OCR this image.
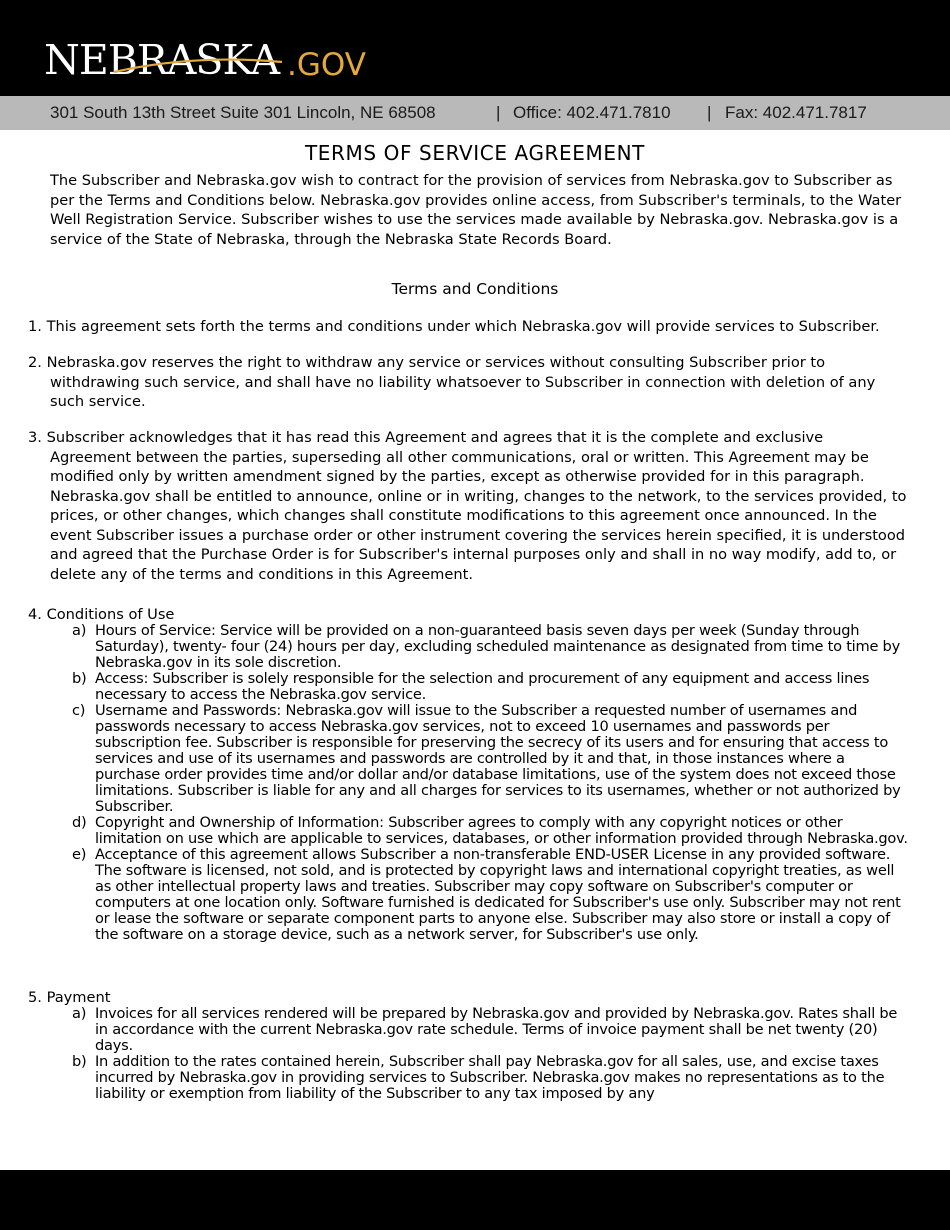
NEBRASKA .GOV
301 South 13th Street Suite 301 Lincoln, NE 68508	| Office: 402.471.7810 | Fax: 402.471.7817
TERMS OF SERVICE AGREEMENT
The Subscriber and Nebraska.gov wish to contract for the provision of services from Nebraska.gov to Subscriber as per the Terms and Conditions below. Nebraska.gov provides online access, from Subscriber's terminals, to the Water Well Registration Service. Subscriber wishes to use the services made available by Nebraska.gov. Nebraska.gov is a service of the State of Nebraska, through the Nebraska State Records Board.
Terms and Conditions
1. This agreement sets forth the terms and conditions under which Nebraska.gov will provide services to Subscriber.
2. Nebraska.gov reserves the right to withdraw any service or services without consulting Subscriber prior to withdrawing such service, and shall have no liability whatsoever to Subscriber in connection with deletion of any such service.
3. Subscriber acknowledges that it has read this Agreement and agrees that it is the complete and exclusive Agreement between the parties, superseding all other communications, oral or written. This Agreement may be modified only by written amendment signed by the parties, except as otherwise provided for in this paragraph. Nebraska.gov shall be entitled to announce, online or in writing, changes to the network, to the services provided, to prices, or other changes, which changes shall constitute modifications to this agreement once announced. In the event Subscriber issues a purchase order or other instrument covering the services herein specified, it is understood and agreed that the Purchase Order is for Subscriber's internal purposes only and shall in no way modify, add to, or delete any of the terms and conditions in this Agreement.
4. Conditions of Use
a) Hours of Service: Service will be provided on a non-guaranteed basis seven days per week (Sunday through Saturday), twenty- four (24) hours per day, excluding scheduled maintenance as designated from time to time by Nebraska.gov in its sole discretion.
b) Access: Subscriber is solely responsible for the selection and procurement of any equipment and access lines necessary to access the Nebraska.gov service.
c) Username and Passwords: Nebraska.gov will issue to the Subscriber a requested number of usernames and passwords necessary to access Nebraska.gov services, not to exceed 10 usernames and passwords per subscription fee. Subscriber is responsible for preserving the secrecy of its users and for ensuring that access to services and use of its usernames and passwords are controlled by it and that, in those instances where a purchase order provides time and/or dollar and/or database limitations, use of the system does not exceed those limitations. Subscriber is liable for any and all charges for services to its usernames, whether or not authorized by Subscriber.
d) Copyright and Ownership of Information: Subscriber agrees to comply with any copyright notices or other limitation on use which are applicable to services, databases, or other information provided through Nebraska.gov.
e) Acceptance of this agreement allows Subscriber a non-transferable END-USER License in any provided software. The software is licensed, not sold, and is protected by copyright laws and international copyright treaties, as well as other intellectual property laws and treaties. Subscriber may copy software on Subscriber's computer or computers at one location only. Software furnished is dedicated for Subscriber's use only. Subscriber may not rent or lease the software or separate component parts to anyone else. Subscriber may also store or install a copy of the software on a storage device, such as a network server, for Subscriber's use only.
5. Payment
a) Invoices for all services rendered will be prepared by Nebraska.gov and provided by Nebraska.gov. Rates shall be in accordance with the current Nebraska.gov rate schedule. Terms of invoice payment shall be net twenty (20) days.
b) In addition to the rates contained herein, Subscriber shall pay Nebraska.gov for all sales, use, and excise taxes incurred by Nebraska.gov in providing services to Subscriber. Nebraska.gov makes no representations as to the liability or exemption from liability of the Subscriber to any tax imposed by any
